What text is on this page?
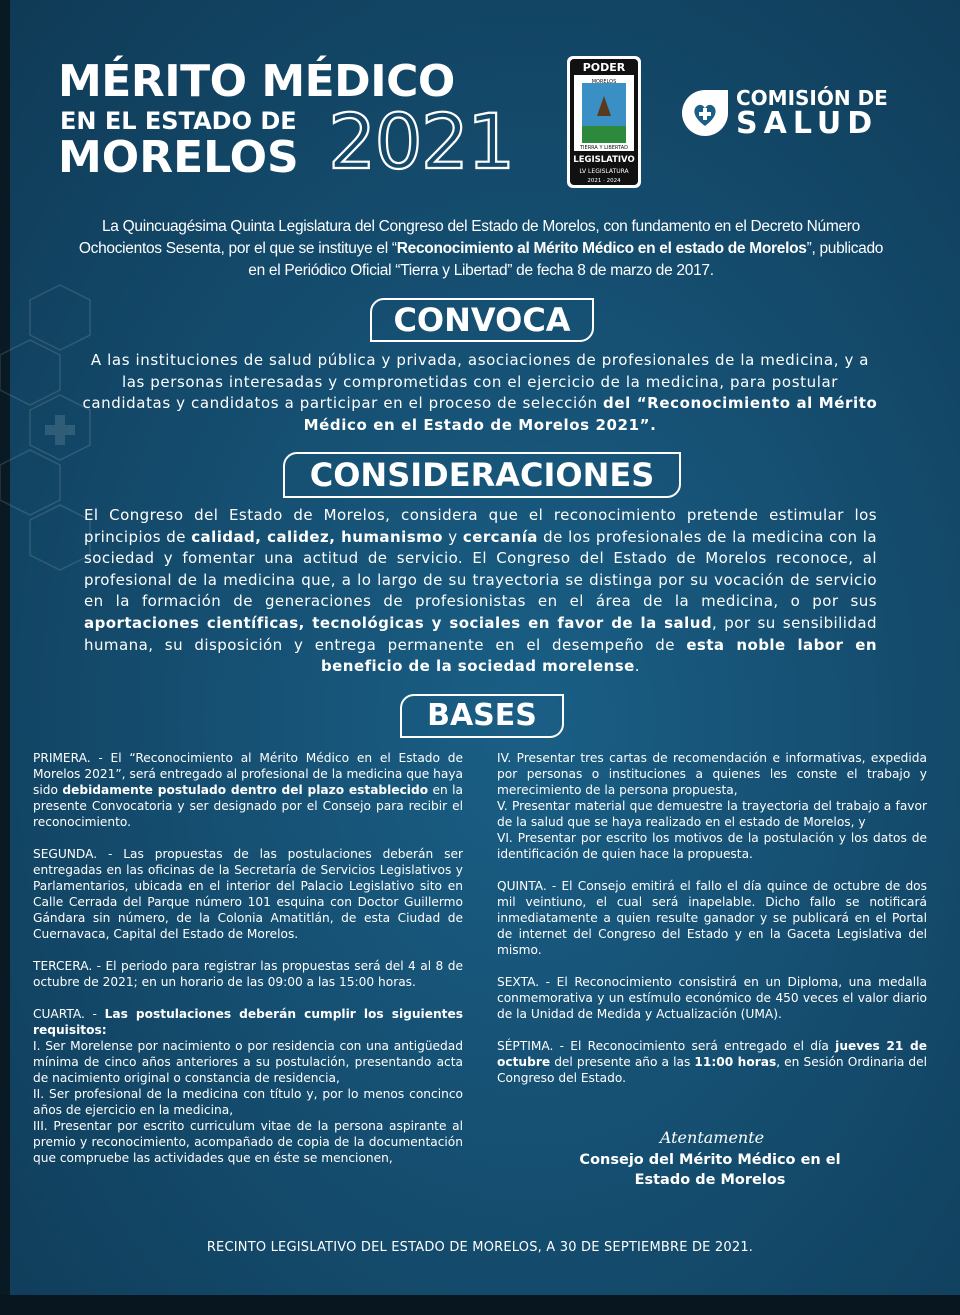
MÉRITO MÉDICO
EN EL ESTADO DE
MORELOS 2021
PODER
MORELOS
TIERRA Y LIBERTAD
LEGISLATIVO
LV LEGISLATURA
2021 · 2024
COMISIÓN DE
SALUD
La Quincuagésima Quinta Legislatura del Congreso del Estado de Morelos, con fundamento en el Decreto Número Ochocientos Sesenta, por el que se instituye el “Reconocimiento al Mérito Médico en el estado de Morelos”, publicado en el Periódico Oficial “Tierra y Libertad” de fecha 8 de marzo de 2017.
CONVOCA
A las instituciones de salud pública y privada, asociaciones de profesionales de la medicina, y a las personas interesadas y comprometidas con el ejercicio de la medicina, para postular candidatas y candidatos a participar en el proceso de selección del “Reconocimiento al Mérito Médico en el Estado de Morelos 2021”.
CONSIDERACIONES
El Congreso del Estado de Morelos, considera que el reconocimiento pretende estimular los principios de calidad, calidez, humanismo y cercanía de los profesionales de la medicina con la sociedad y fomentar una actitud de servicio. El Congreso del Estado de Morelos reconoce, al profesional de la medicina que, a lo largo de su trayectoria se distinga por su vocación de servicio en la formación de generaciones de profesionistas en el área de la medicina, o por sus aportaciones científicas, tecnológicas y sociales en favor de la salud, por su sensibilidad humana, su disposición y entrega permanente en el desempeño de esta noble labor en beneficio de la sociedad morelense.
BASES

PRIMERA. - El “Reconocimiento al Mérito Médico en el Estado de Morelos 2021”, será entregado al profesional de la medicina que haya sido debidamente postulado dentro del plazo establecido en la presente Convocatoria y ser designado por el Consejo para recibir el reconocimiento.

SEGUNDA. - Las propuestas de las postulaciones deberán ser entregadas en las oficinas de la Secretaría de Servicios Legislativos y Parlamentarios, ubicada en el interior del Palacio Legislativo sito en Calle Cerrada del Parque número 101 esquina con Doctor Guillermo Gándara sin número, de la Colonia Amatitlán, de esta Ciudad de Cuernavaca, Capital del Estado de Morelos.

TERCERA. - El periodo para registrar las propuestas será del 4 al 8 de octubre de 2021; en un horario de las 09:00 a las 15:00 horas.

CUARTA. - Las postulaciones deberán cumplir los siguientes requisitos:

I. Ser Morelense por nacimiento o por residencia con una antigüedad mínima de cinco años anteriores a su postulación, presentando acta de nacimiento original o constancia de residencia,

II. Ser profesional de la medicina con título y, por lo menos concinco años de ejercicio en la medicina,

III. Presentar por escrito curriculum vitae de la persona aspirante al premio y reconocimiento, acompañado de copia de la documentación que compruebe las actividades que en éste se mencionen,

IV. Presentar tres cartas de recomendación e informativas, expedida por personas o instituciones a quienes les conste el trabajo y merecimiento de la persona propuesta,

V. Presentar material que demuestre la trayectoria del trabajo a favor de la salud que se haya realizado en el estado de Morelos, y

VI. Presentar por escrito los motivos de la postulación y los datos de identificación de quien hace la propuesta.

QUINTA. - El Consejo emitirá el fallo el día quince de octubre de dos mil veintiuno, el cual será inapelable. Dicho fallo se notificará inmediatamente a quien resulte ganador y se publicará en el Portal de internet del Congreso del Estado y en la Gaceta Legislativa del mismo.

SEXTA. - El Reconocimiento consistirá en un Diploma, una medalla conmemorativa y un estímulo económico de 450 veces el valor diario de la Unidad de Medida y Actualización (UMA).

SÉPTIMA. - El Reconocimiento será entregado el día jueves 21 de octubre del presente año a las 11:00 horas, en Sesión Ordinaria del Congreso del Estado.

Atentamente
Consejo del Mérito Médico en el
Estado de Morelos
RECINTO LEGISLATIVO DEL ESTADO DE MORELOS, A 30 DE SEPTIEMBRE DE 2021.
